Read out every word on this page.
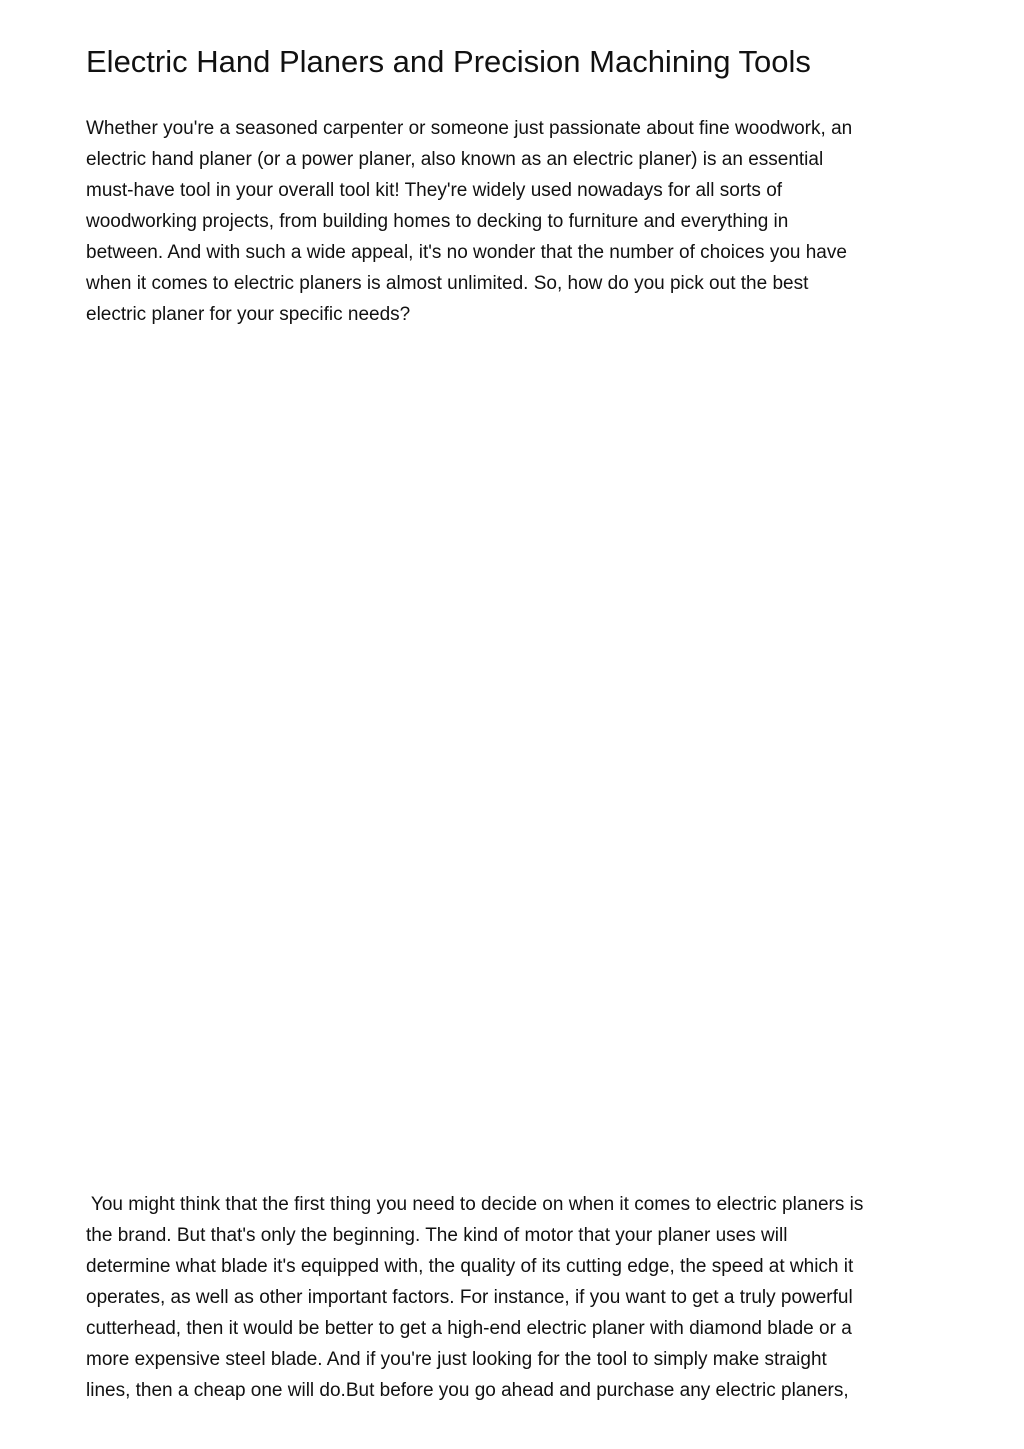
Electric Hand Planers and Precision Machining Tools

Whether you're a seasoned carpenter or someone just passionate about fine woodwork, an
electric hand planer (or a power planer, also known as an electric planer) is an essential
must-have tool in your overall tool kit! They're widely used nowadays for all sorts of
woodworking projects, from building homes to decking to furniture and everything in
between. And with such a wide appeal, it's no wonder that the number of choices you have
when it comes to electric planers is almost unlimited. So, how do you pick out the best
electric planer for your specific needs?

You might think that the first thing you need to decide on when it comes to electric planers is
the brand. But that's only the beginning. The kind of motor that your planer uses will
determine what blade it's equipped with, the quality of its cutting edge, the speed at which it
operates, as well as other important factors. For instance, if you want to get a truly powerful
cutterhead, then it would be better to get a high-end electric planer with diamond blade or a
more expensive steel blade. And if you're just looking for the tool to simply make straight
lines, then a cheap one will do.But before you go ahead and purchase any electric planers,
